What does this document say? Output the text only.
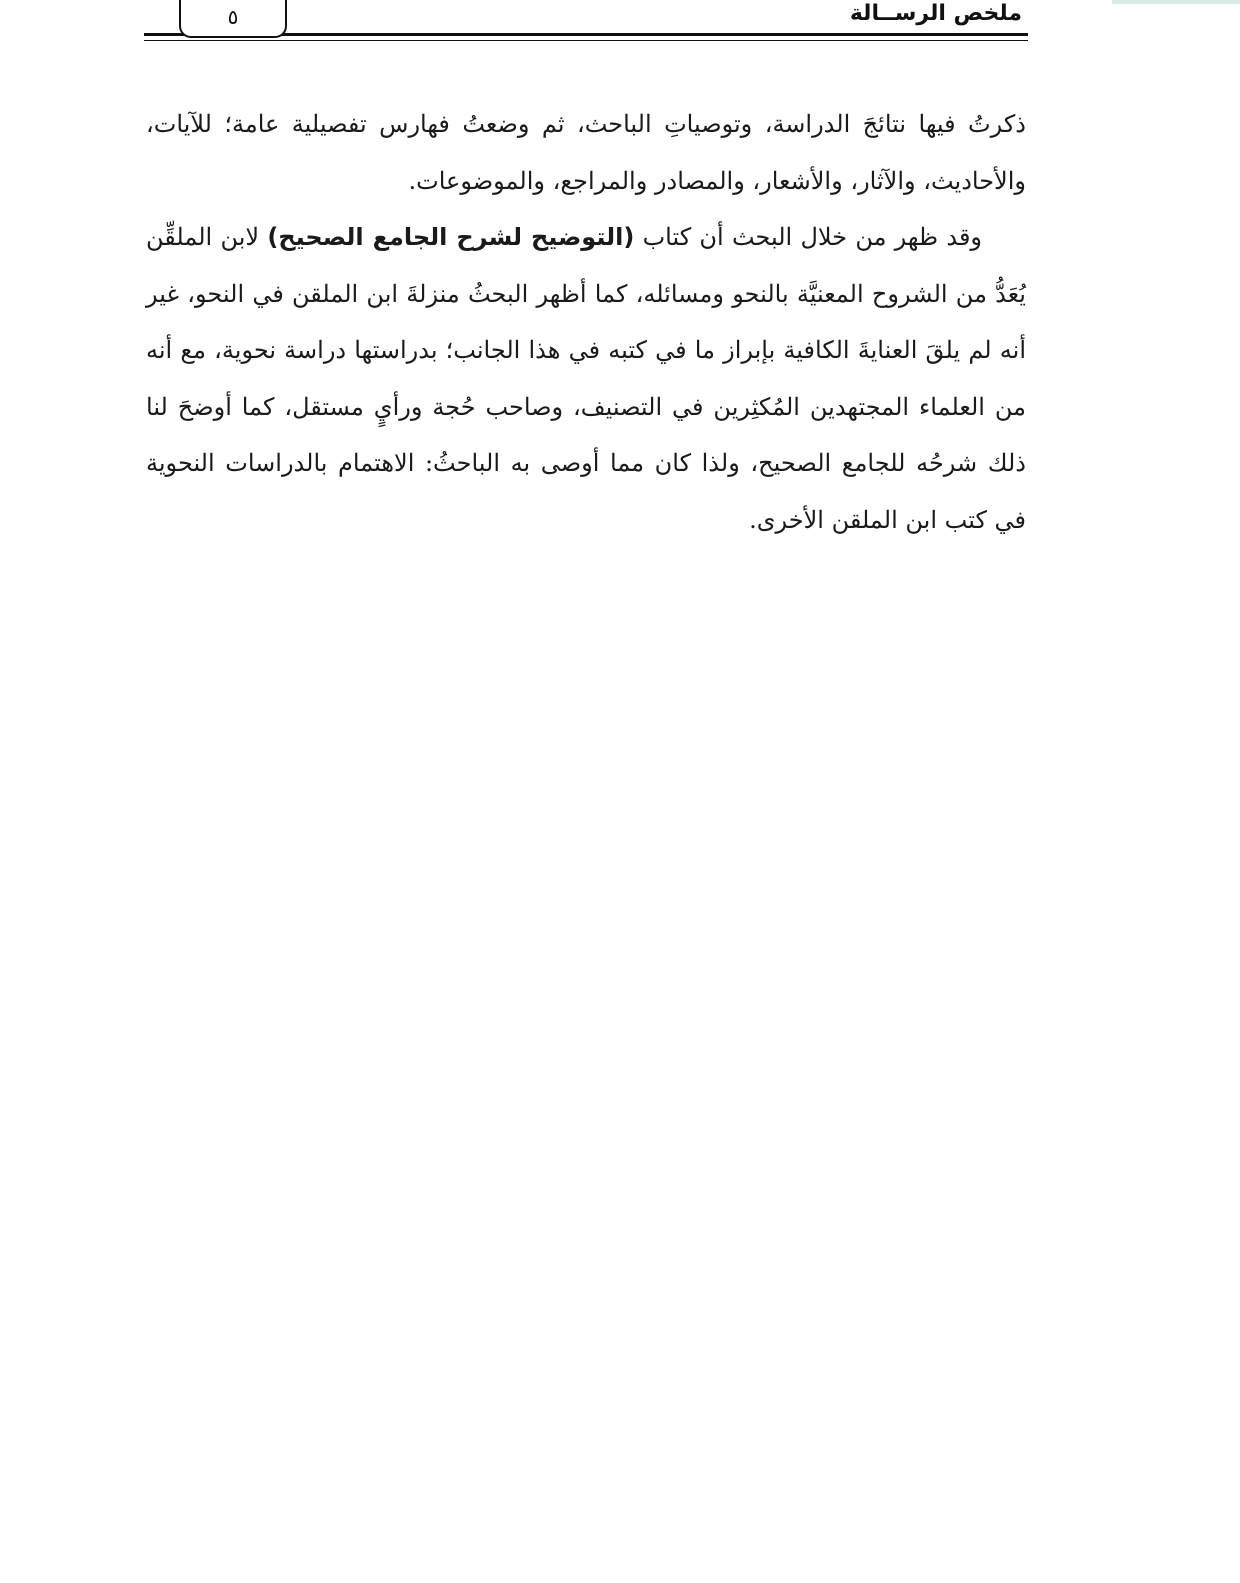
ملخص الرســالة
٥

ذكرتُ فيها نتائجَ الدراسة، وتوصياتِ الباحث، ثم وضعتُ فهارس تفصيلية عامة؛ للآيات، والأحاديث، والآثار، والأشعار، والمصادر والمراجع، والموضوعات.

وقد ظهر من خلال البحث أن كتاب (التوضيح لشرح الجامع الصحيح) لابن الملقِّن يُعَدُّ من الشروح المعنيَّة بالنحو ومسائله، كما أظهر البحثُ منزلةَ ابن الملقن في النحو، غير أنه لم يلقَ العنايةَ الكافية بإبراز ما في كتبه في هذا الجانب؛ بدراستها دراسة نحوية، مع أنه من العلماء المجتهدين المُكثِرين في التصنيف، وصاحب حُجة ورأيٍ مستقل، كما أوضحَ لنا ذلك شرحُه للجامع الصحيح، ولذا كان مما أوصى به الباحثُ: الاهتمام بالدراسات النحوية في كتب ابن الملقن الأخرى.
